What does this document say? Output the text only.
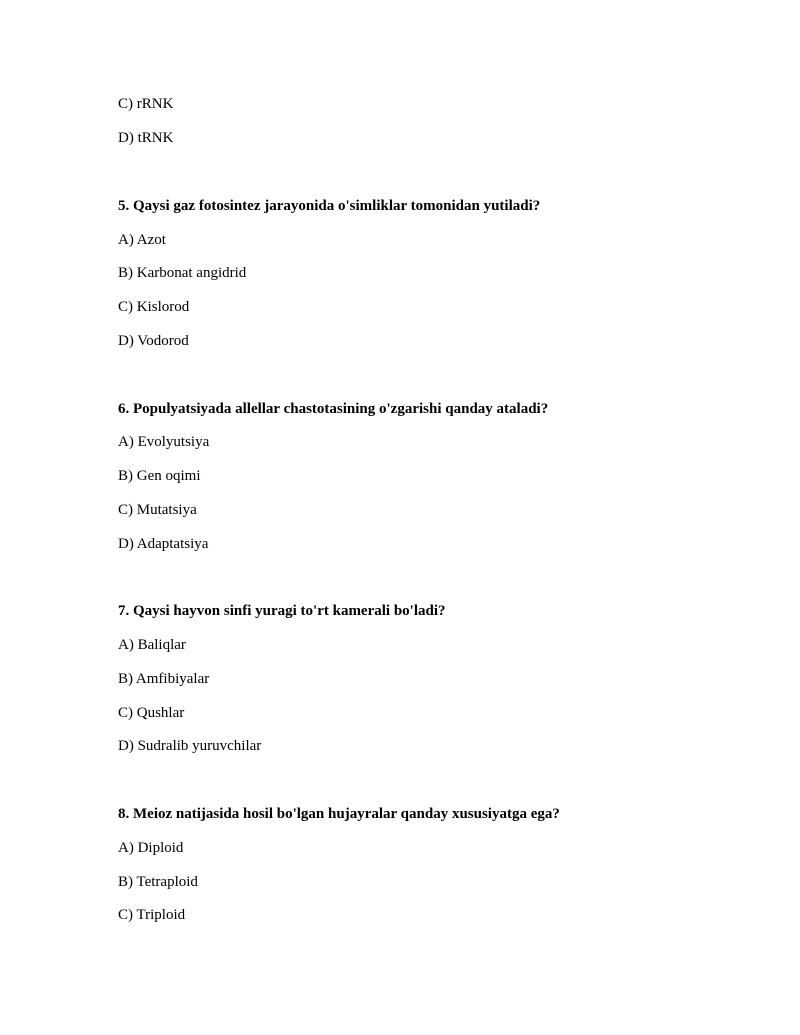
C) rRNK
D) tRNK
5. Qaysi gaz fotosintez jarayonida o'simliklar tomonidan yutiladi?
A) Azot
B) Karbonat angidrid
C) Kislorod
D) Vodorod
6. Populyatsiyada allellar chastotasining o'zgarishi qanday ataladi?
A) Evolyutsiya
B) Gen oqimi
C) Mutatsiya
D) Adaptatsiya
7. Qaysi hayvon sinfi yuragi to'rt kamerali bo'ladi?
A) Baliqlar
B) Amfibiyalar
C) Qushlar
D) Sudralib yuruvchilar
8. Meioz natijasida hosil bo'lgan hujayralar qanday xususiyatga ega?
A) Diploid
B) Tetraploid
C) Triploid
